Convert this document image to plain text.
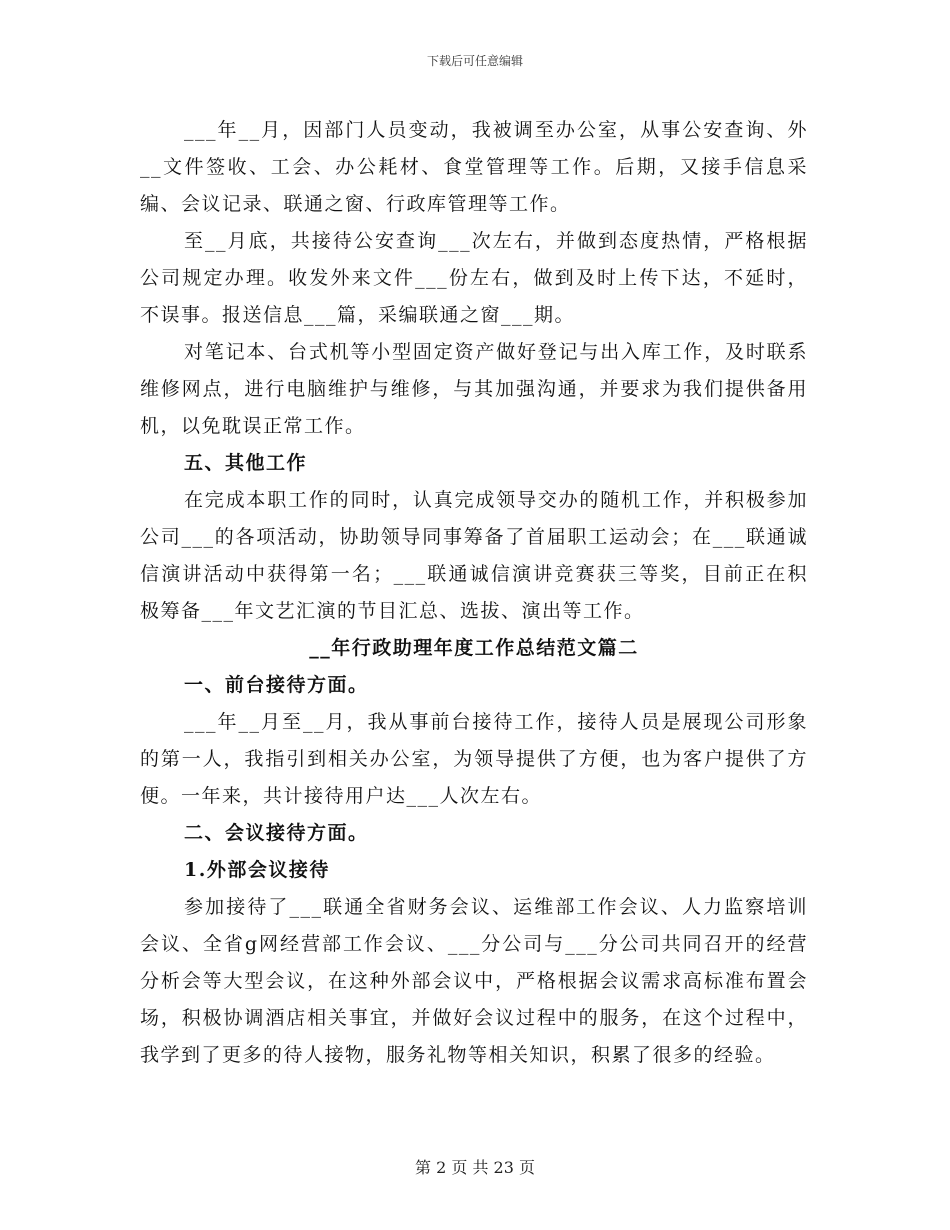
下载后可任意编辑

___年__月，因部门人员变动，我被调至办公室，从事公安查询、外__文件签收、工会、办公耗材、食堂管理等工作。后期，又接手信息采编、会议记录、联通之窗、行政库管理等工作。

至__月底，共接待公安查询___次左右，并做到态度热情，严格根据公司规定办理。收发外来文件___份左右，做到及时上传下达，不延时，不误事。报送信息___篇，采编联通之窗___期。

对笔记本、台式机等小型固定资产做好登记与出入库工作，及时联系维修网点，进行电脑维护与维修，与其加强沟通，并要求为我们提供备用机，以免耽误正常工作。

五、其他工作

在完成本职工作的同时，认真完成领导交办的随机工作，并积极参加公司___的各项活动，协助领导同事筹备了首届职工运动会；在___联通诚信演讲活动中获得第一名；___联通诚信演讲竞赛获三等奖，目前正在积极筹备___年文艺汇演的节目汇总、选拔、演出等工作。

__年行政助理年度工作总结范文篇二

一、前台接待方面。

___年__月至__月，我从事前台接待工作，接待人员是展现公司形象的第一人，我指引到相关办公室，为领导提供了方便，也为客户提供了方便。一年来，共计接待用户达___人次左右。

二、会议接待方面。

1.外部会议接待

参加接待了___联通全省财务会议、运维部工作会议、人力监察培训会议、全省g网经营部工作会议、___分公司与___分公司共同召开的经营分析会等大型会议，在这种外部会议中，严格根据会议需求高标准布置会场，积极协调酒店相关事宜，并做好会议过程中的服务，在这个过程中，我学到了更多的待人接物，服务礼物等相关知识，积累了很多的经验。

第 2 页 共 23 页
